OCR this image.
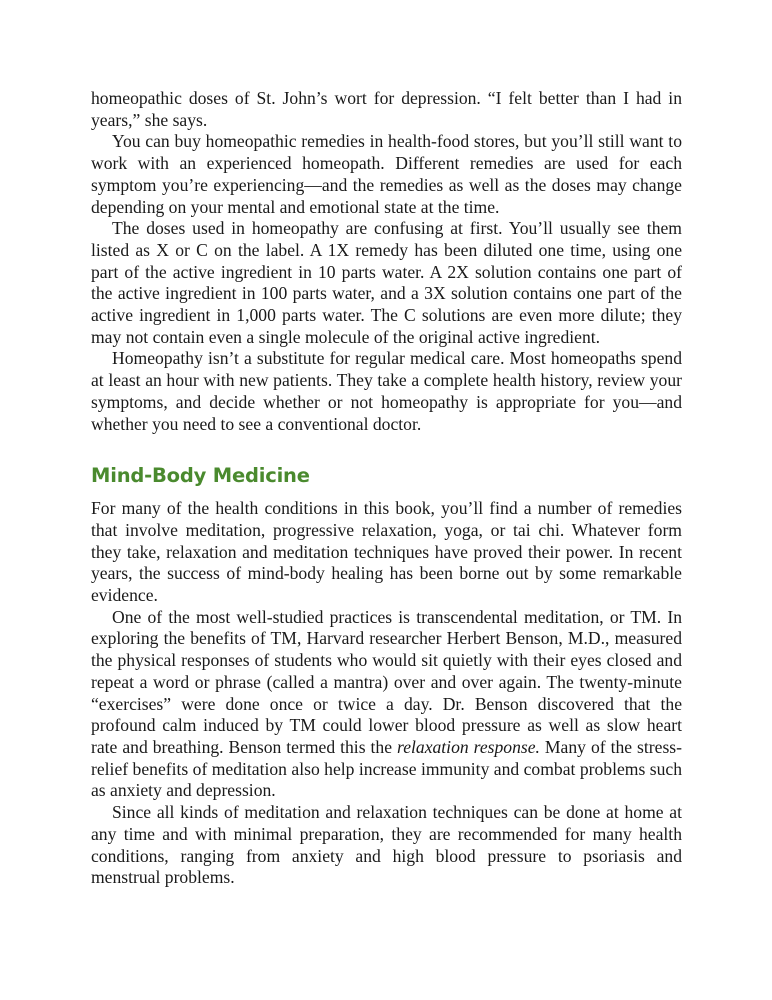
homeopathic doses of St. John’s wort for depression. “I felt better than I had in years,” she says.

You can buy homeopathic remedies in health-food stores, but you’ll still want to work with an experienced homeopath. Different remedies are used for each symptom you’re experiencing—and the remedies as well as the doses may change depending on your mental and emotional state at the time.

The doses used in homeopathy are confusing at first. You’ll usually see them listed as X or C on the label. A 1X remedy has been diluted one time, using one part of the active ingredient in 10 parts water. A 2X solution contains one part of the active ingredient in 100 parts water, and a 3X solution contains one part of the active ingredient in 1,000 parts water. The C solutions are even more dilute; they may not contain even a single molecule of the original active ingredient.

Homeopathy isn’t a substitute for regular medical care. Most homeopaths spend at least an hour with new patients. They take a complete health history, review your symptoms, and decide whether or not homeopathy is appropriate for you—and whether you need to see a conventional doctor.

Mind-Body Medicine

For many of the health conditions in this book, you’ll find a number of remedies that involve meditation, progressive relaxation, yoga, or tai chi. Whatever form they take, relaxation and meditation techniques have proved their power. In recent years, the success of mind-body healing has been borne out by some remarkable evidence.

One of the most well-studied practices is transcendental meditation, or TM. In exploring the benefits of TM, Harvard researcher Herbert Benson, M.D., measured the physical responses of students who would sit quietly with their eyes closed and repeat a word or phrase (called a mantra) over and over again. The twenty-minute “exercises” were done once or twice a day. Dr. Benson discovered that the profound calm induced by TM could lower blood pressure as well as slow heart rate and breathing. Benson termed this the relaxation response. Many of the stress-relief benefits of meditation also help increase immunity and combat problems such as anxiety and depression.

Since all kinds of meditation and relaxation techniques can be done at home at any time and with minimal preparation, they are recommended for many health conditions, ranging from anxiety and high blood pressure to psoriasis and menstrual problems.
